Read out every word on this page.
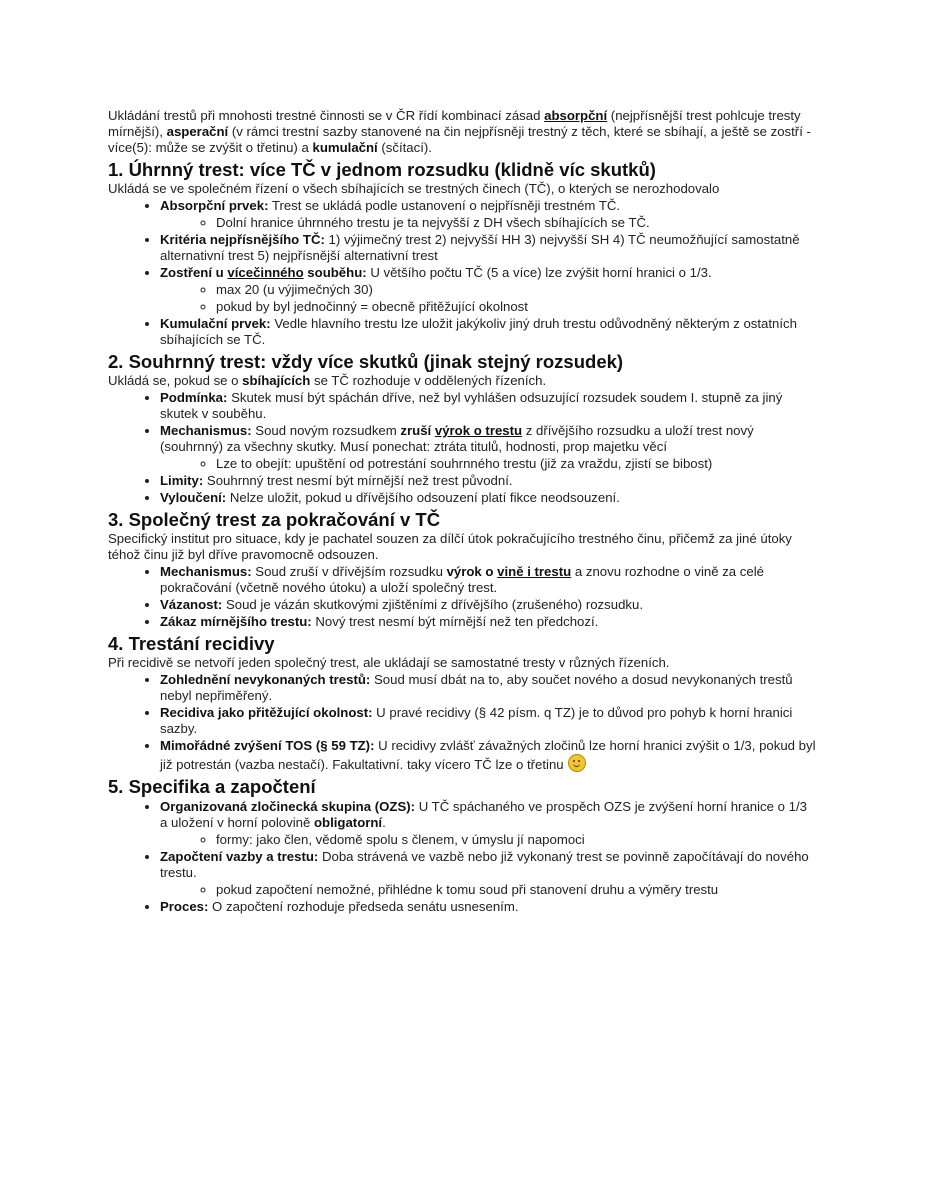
Ukládání trestů při mnohosti trestné činnosti se v ČR řídí kombinací zásad absorpční (nejpřísnější trest pohlcuje tresty mírnější), asperační (v rámci trestní sazby stanovené na čin nejpřísněji trestný z těch, které se sbíhají, a ještě se zostří - více(5): může se zvýšit o třetinu) a kumulační (sčítací).

1. Úhrnný trest: více TČ v jednom rozsudku (klidně víc skutků)

Ukládá se ve společném řízení o všech sbíhajících se trestných činech (TČ), o kterých se nerozhodovalo

• Absorpční prvek: Trest se ukládá podle ustanovení o nejpřísněji trestném TČ.
◦ Dolní hranice úhrnného trestu je ta nejvyšší z DH všech sbíhajících se TČ.
• Kritéria nejpřísnějšího TČ: 1) výjimečný trest 2) nejvyšší HH 3) nejvyšší SH 4) TČ neumožňující samostatně alternativní trest 5) nejpřísnější alternativní trest
• Zostření u vícečinného souběhu: U většího počtu TČ (5 a více) lze zvýšit horní hranici o 1/3.
◦ max 20 (u výjimečných 30)
◦ pokud by byl jednočinný = obecně přitěžující okolnost
• Kumulační prvek: Vedle hlavního trestu lze uložit jakýkoliv jiný druh trestu odůvodněný některým z ostatních sbíhajících se TČ.
2. Souhrnný trest: vždy více skutků (jinak stejný rozsudek)

Ukládá se, pokud se o sbíhajících se TČ rozhoduje v oddělených řízeních.

• Podmínka: Skutek musí být spáchán dříve, než byl vyhlášen odsuzující rozsudek soudem I. stupně za jiný skutek v souběhu.
• Mechanismus: Soud novým rozsudkem zruší výrok o trestu z dřívějšího rozsudku a uloží trest nový (souhrnný) za všechny skutky. Musí ponechat: ztráta titulů, hodnosti, prop majetku věcí
◦ Lze to obejít: upuštění od potrestání souhrnného trestu (již za vraždu, zjistí se bibost)
• Limity: Souhrnný trest nesmí být mírnější než trest původní.
• Vyloučení: Nelze uložit, pokud u dřívějšího odsouzení platí fikce neodsouzení.
3. Společný trest za pokračování v TČ

Specifický institut pro situace, kdy je pachatel souzen za dílčí útok pokračujícího trestného činu, přičemž za jiné útoky téhož činu již byl dříve pravomocně odsouzen.

• Mechanismus: Soud zruší v dřívějším rozsudku výrok o vině i trestu a znovu rozhodne o vině za celé pokračování (včetně nového útoku) a uloží společný trest.
• Vázanost: Soud je vázán skutkovými zjištěními z dřívějšího (zrušeného) rozsudku.
• Zákaz mírnějšího trestu: Nový trest nesmí být mírnější než ten předchozí.
4. Trestání recidivy

Při recidivě se netvoří jeden společný trest, ale ukládají se samostatné tresty v různých řízeních.

• Zohlednění nevykonaných trestů: Soud musí dbát na to, aby součet nového a dosud nevykonaných trestů nebyl nepřiměřený.
• Recidiva jako přitěžující okolnost: U pravé recidivy (§ 42 písm. q TZ) je to důvod pro pohyb k horní hranici sazby.
• Mimořádné zvýšení TOS (§ 59 TZ): U recidivy zvlášť závažných zločinů lze horní hranici zvýšit o 1/3, pokud byl již potrestán (vazba nestačí). Fakultativní. taky vícero TČ lze o třetinu
5. Specifika a započtení
• Organizovaná zločinecká skupina (OZS): U TČ spáchaného ve prospěch OZS je zvýšení horní hranice o 1/3 a uložení v horní polovině obligatorní.
◦ formy: jako člen, vědomě spolu s členem, v úmyslu jí napomoci
• Započtení vazby a trestu: Doba strávená ve vazbě nebo již vykonaný trest se povinně započítávají do nového trestu.
◦ pokud započtení nemožné, přihlédne k tomu soud při stanovení druhu a výměry trestu
• Proces: O započtení rozhoduje předseda senátu usnesením.
